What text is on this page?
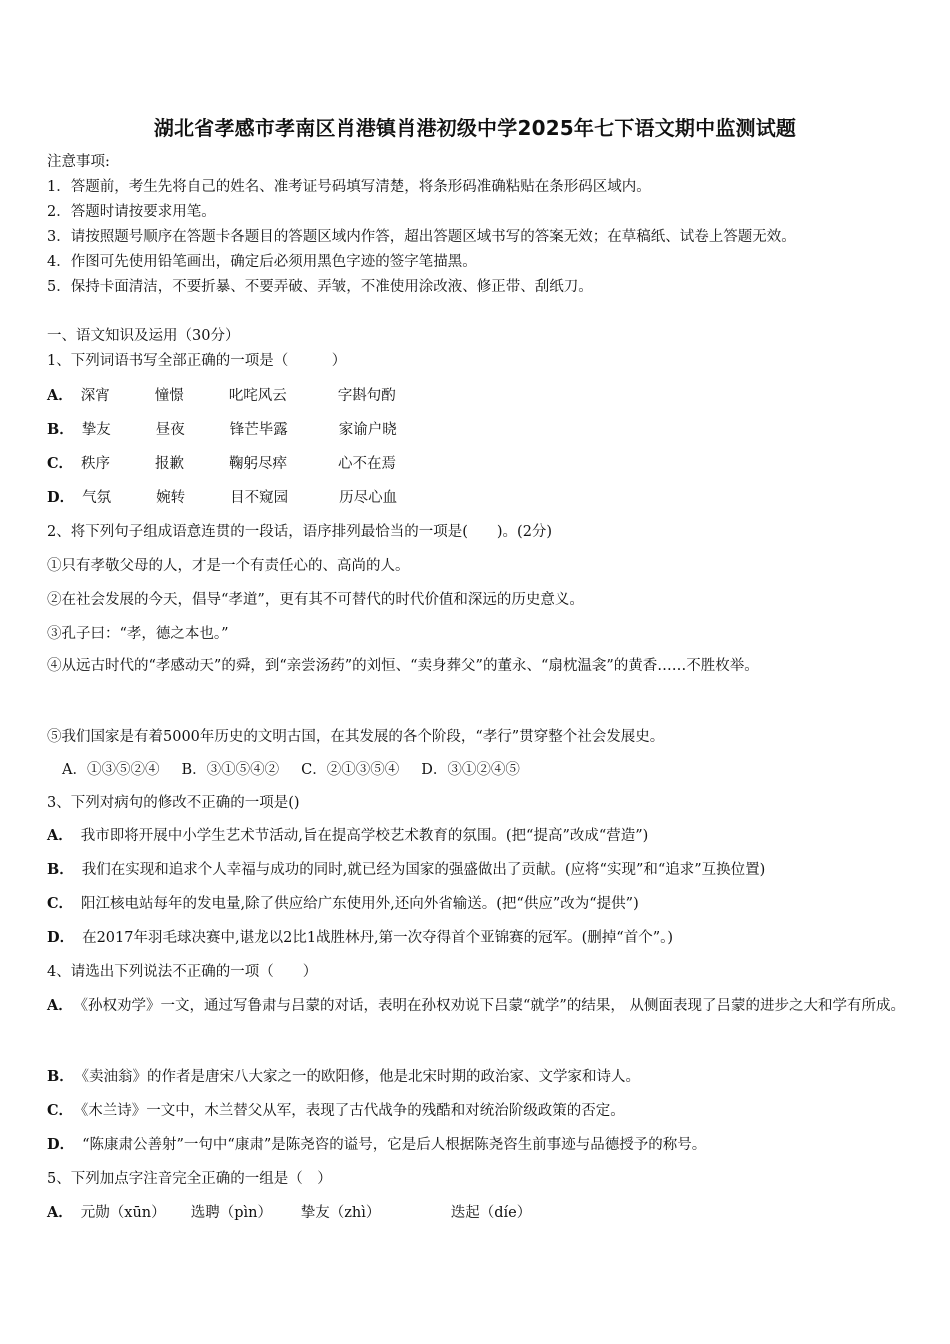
湖北省孝感市孝南区肖港镇肖港初级中学2025年七下语文期中监测试题
注意事项:
1．答题前，考生先将自己的姓名、准考证号码填写清楚，将条形码准确粘贴在条形码区域内。
2．答题时请按要求用笔。
3．请按照题号顺序在答题卡各题目的答题区域内作答，超出答题区域书写的答案无效；在草稿纸、试卷上答题无效。
4．作图可先使用铅笔画出，确定后必须用黑色字迹的签字笔描黑。
5．保持卡面清洁，不要折暴、不要弄破、弄皱，不准使用涂改液、修正带、刮纸刀。
一、语文知识及运用（30分）
1、下列词语书写全部正确的一项是（　　　）
A． 深宵	憧憬	叱咤风云	字斟句酌
B． 挚友	昼夜	锋芒毕露	家谕户晓
C． 秩序	报歉	鞠躬尽瘁	心不在焉
D． 气氛	婉转	目不窥园	历尽心血
2、将下列句子组成语意连贯的一段话，语序排列最恰当的一项是(　　)。(2分)
①只有孝敬父母的人，才是一个有责任心的、高尚的人。
②在社会发展的今天，倡导“孝道”，更有其不可替代的时代价值和深远的历史意义。
③孔子曰：“孝，德之本也。”
④从远古时代的“孝感动天”的舜，到“亲尝汤药”的刘恒、“卖身葬父”的董永、“扇枕温衾”的黄香……不胜枚举。
⑤我们国家是有着5000年历史的文明古国，在其发展的各个阶段，“孝行”贯穿整个社会发展史。
A．①③⑤②④ B．③①⑤④② C．②①③⑤④ D．③①②④⑤
3、下列对病句的修改不正确的一项是()
A． 我市即将开展中小学生艺术节活动,旨在提高学校艺术教育的氛围。(把“提高”改成“营造”)
B． 我们在实现和追求个人幸福与成功的同时,就已经为国家的强盛做出了贡献。(应将“实现”和“追求”互换位置)
C． 阳江核电站每年的发电量,除了供应给广东使用外,还向外省输送。(把“供应”改为“提供”)
D． 在2017年羽毛球决赛中,谌龙以2比1战胜林丹,第一次夺得首个亚锦赛的冠军。(删掉“首个”。)
4、请选出下列说法不正确的一项（　　）
A． 《孙权劝学》一文，通过写鲁肃与吕蒙的对话，表明在孙权劝说下吕蒙“就学”的结果， 从侧面表现了吕蒙的进步之大和学有所成。
B． 《卖油翁》的作者是唐宋八大家之一的欧阳修，他是北宋时期的政治家、文学家和诗人。
C． 《木兰诗》一文中，木兰替父从军，表现了古代战争的残酷和对统治阶级政策的否定。
D． “陈康肃公善射”一句中“康肃”是陈尧咨的谥号，它是后人根据陈尧咨生前事迹与品德授予的称号。
5、下列加点字注音完全正确的一组是（　）
A． 元勋（xūn） 选聘（pìn） 挚友（zhì）	迭起（díe）
